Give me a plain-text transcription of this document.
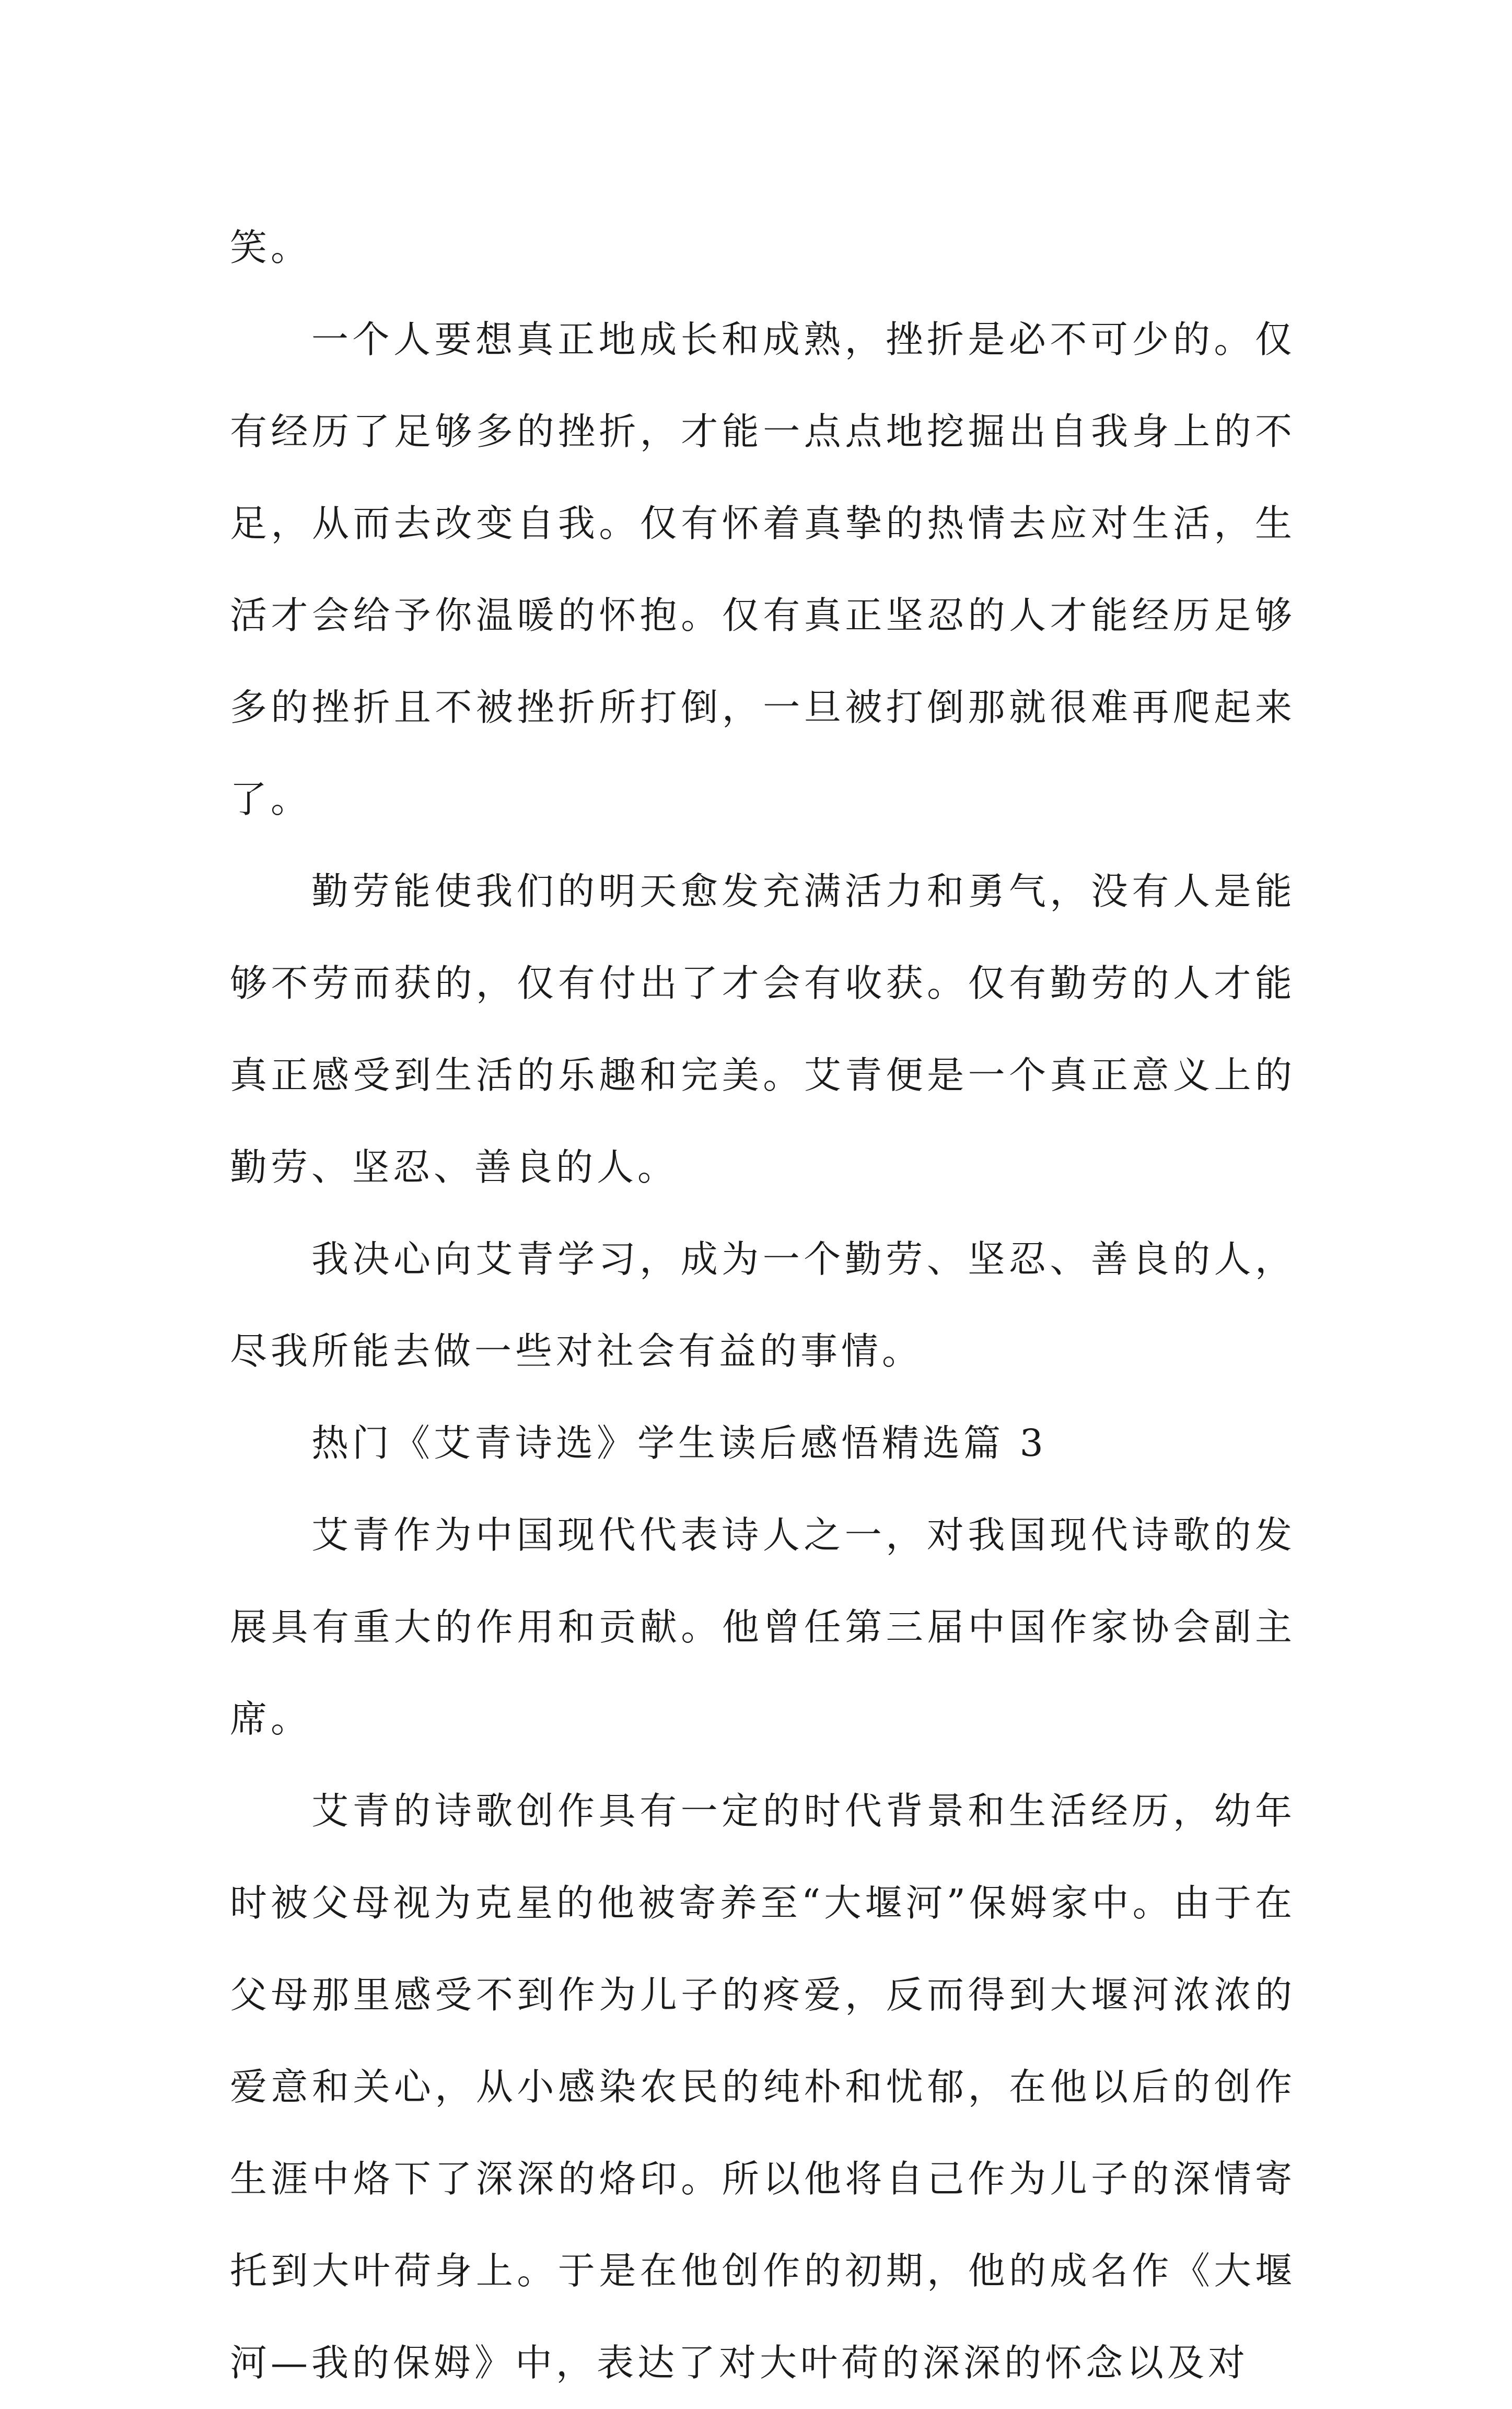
笑。

一个人要想真正地成长和成熟，挫折是必不可少的。仅有经历了足够多的挫折，才能一点点地挖掘出自我身上的不足，从而去改变自我。仅有怀着真挚的热情去应对生活，生活才会给予你温暖的怀抱。仅有真正坚忍的人才能经历足够多的挫折且不被挫折所打倒，一旦被打倒那就很难再爬起来了。

勤劳能使我们的明天愈发充满活力和勇气，没有人是能够不劳而获的，仅有付出了才会有收获。仅有勤劳的人才能真正感受到生活的乐趣和完美。艾青便是一个真正意义上的勤劳、坚忍、善良的人。

我决心向艾青学习，成为一个勤劳、坚忍、善良的人，尽我所能去做一些对社会有益的事情。

热门《艾青诗选》学生读后感悟精选篇 3

艾青作为中国现代代表诗人之一，对我国现代诗歌的发展具有重大的作用和贡献。他曾任第三届中国作家协会副主席。

艾青的诗歌创作具有一定的时代背景和生活经历，幼年时被父母视为克星的他被寄养至“大堰河”保姆家中。由于在父母那里感受不到作为儿子的疼爱，反而得到大堰河浓浓的爱意和关心，从小感染农民的纯朴和忧郁，在他以后的创作生涯中烙下了深深的烙印。所以他将自己作为儿子的深情寄托到大叶荷身上。于是在他创作的初期，他的成名作《大堰河—我的保姆》中，表达了对大叶荷的深深的怀念以及对
